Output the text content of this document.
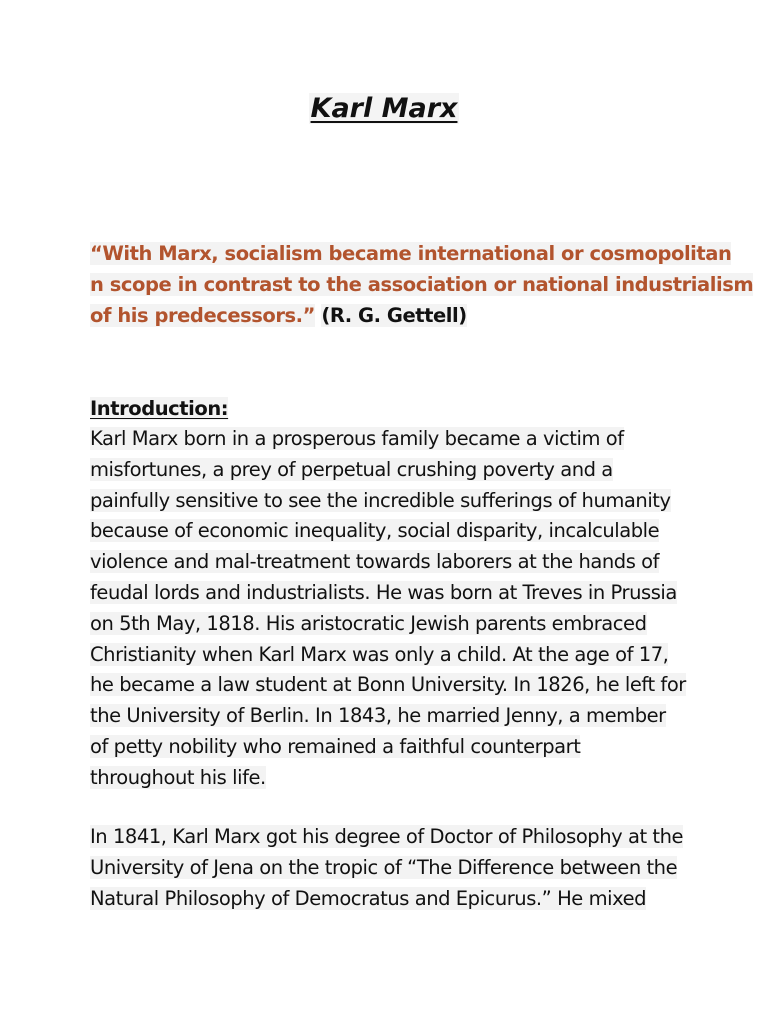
Karl Marx
“With Marx, socialism became international or cosmopolitan
n scope in contrast to the association or national industrialism
of his predecessors.” (R. G. Gettell)
Introduction:
Karl Marx born in a prosperous family became a victim of
misfortunes, a prey of perpetual crushing poverty and a
painfully sensitive to see the incredible sufferings of humanity
because of economic inequality, social disparity, incalculable
violence and mal-treatment towards laborers at the hands of
feudal lords and industrialists. He was born at Treves in Prussia
on 5th May, 1818. His aristocratic Jewish parents embraced
Christianity when Karl Marx was only a child. At the age of 17,
he became a law student at Bonn University. In 1826, he left for
the University of Berlin. In 1843, he married Jenny, a member
of petty nobility who remained a faithful counterpart
throughout his life.
In 1841, Karl Marx got his degree of Doctor of Philosophy at the
University of Jena on the tropic of “The Difference between the
Natural Philosophy of Democratus and Epicurus.” He mixed
